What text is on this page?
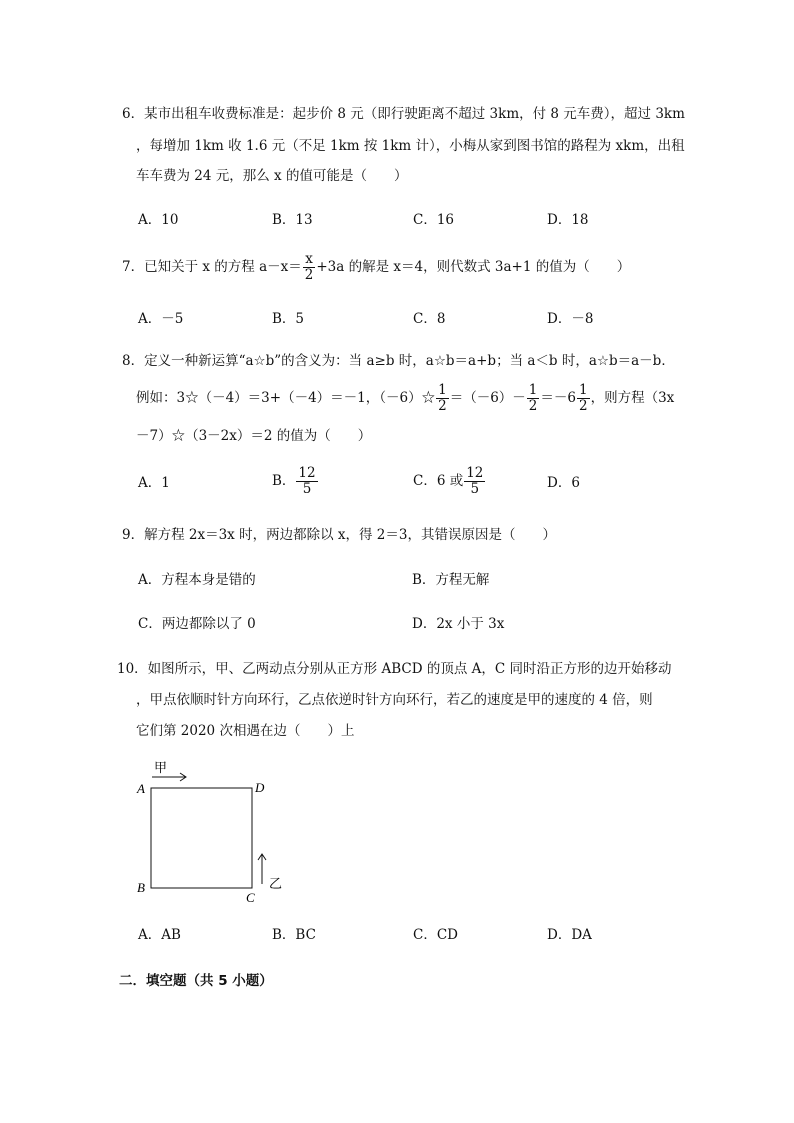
6．某市出租车收费标准是：起步价 8 元（即行驶距离不超过 3km，付 8 元车费），超过 3km
，每增加 1km 收 1.6 元（不足 1km 按 1km 计），小梅从家到图书馆的路程为 xkm，出租
车车费为 24 元，那么 x 的值可能是（　　）
A．10	B．13	C．16	D．18
7．已知关于 x 的方程 $a-x= \frac{x}{2} +3a$ 的解是 x＝4，则代数式 3a+1 的值为（　　）
A．－5	B．5	C．8	D．－8
8．定义一种新运算“a☆b”的含义为：当 a≥b 时，a☆b＝a+b；当 a＜b 时，a☆b＝a－b．
例如：3☆（－4）＝3+（－4）＝－1，（－6）☆ $\frac{1}{2} =(-6)- \frac{1}{2} =-6 \frac{1}{2}$ ，则方程（3x
－7）☆（3－2x）＝2 的值为（　　）
A．1	B． $\frac{12}{5}$	C．6 或 $\frac{12}{5}$	D．6
9．解方程 2x＝3x 时，两边都除以 x，得 2＝3，其错误原因是（　　）
A．方程本身是错的	B．方程无解
C．两边都除以了 0	D．2x 小于 3x
10．如图所示，甲、乙两动点分别从正方形 ABCD 的顶点 A，C 同时沿正方形的边开始移动
，甲点依顺时针方向环行，乙点依逆时针方向环行，若乙的速度是甲的速度的 4 倍，则
它们第 2020 次相遇在边（　　）上
甲
A	D
B
C
乙
A．AB	B．BC	C．CD	D．DA
二．填空题（共 5 小题）
